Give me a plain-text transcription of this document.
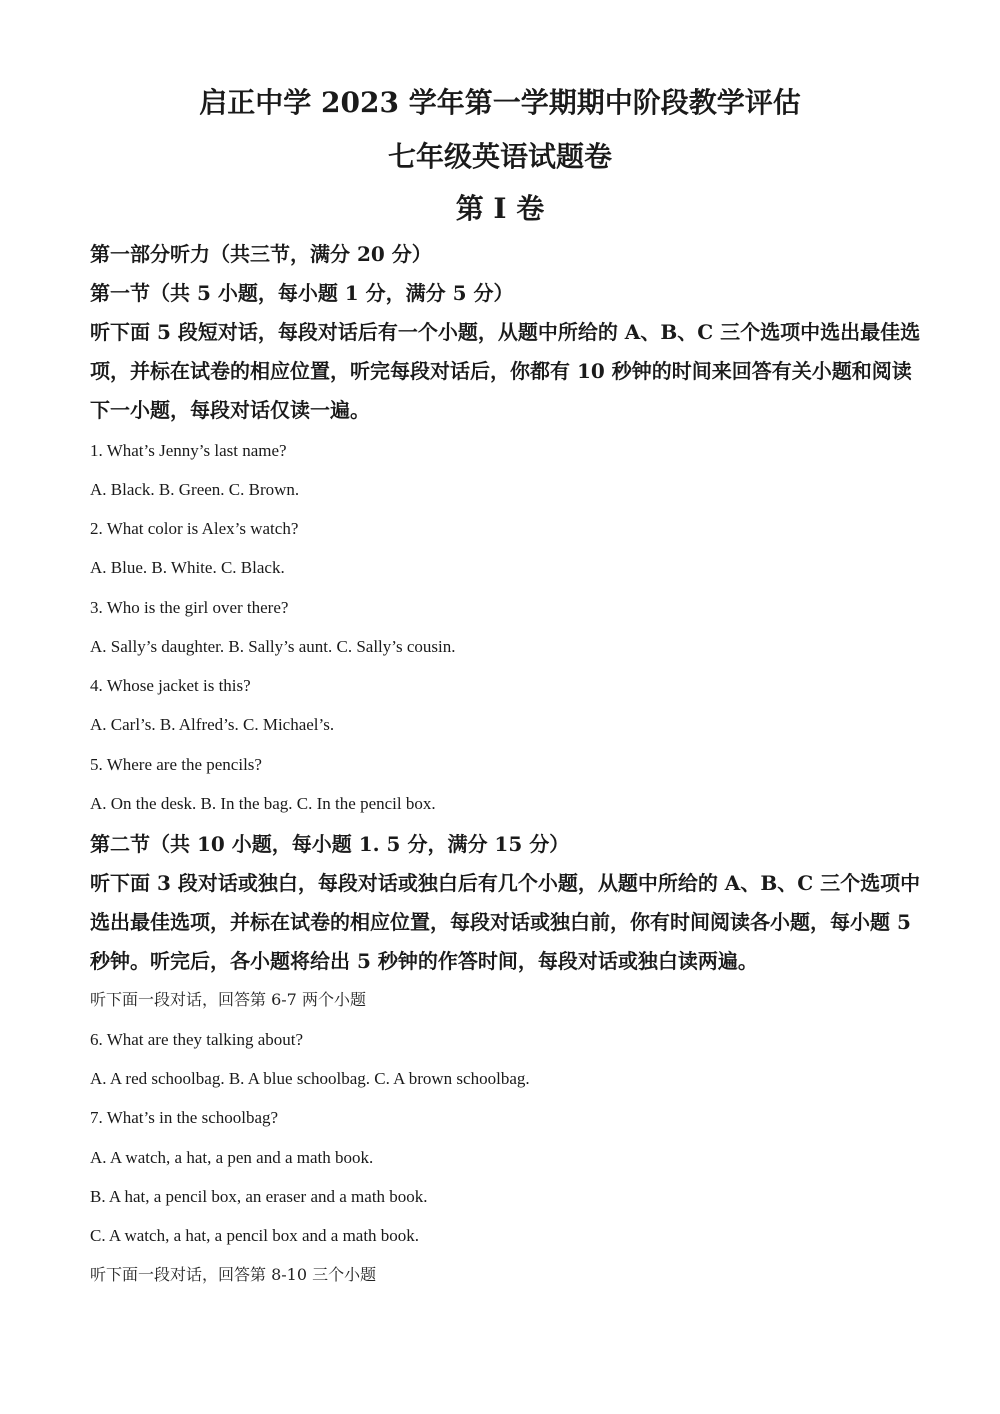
启正中学 2023 学年第一学期期中阶段教学评估
七年级英语试题卷
第 I 卷
第一部分听力（共三节，满分 20 分）
第一节（共 5 小题，每小题 1 分，满分 5 分）
听下面 5 段短对话，每段对话后有一个小题，从题中所给的 A、B、C 三个选项中选出最佳选
项，并标在试卷的相应位置，听完每段对话后，你都有 10 秒钟的时间来回答有关小题和阅读
下一小题，每段对话仅读一遍。
1. What’s Jenny’s last name?
A. Black. B. Green. C. Brown.
2. What color is Alex’s watch?
A. Blue. B. White. C. Black.
3. Who is the girl over there?
A. Sally’s daughter. B. Sally’s aunt. C. Sally’s cousin.
4. Whose jacket is this?
A. Carl’s. B. Alfred’s. C. Michael’s.
5. Where are the pencils?
A. On the desk. B. In the bag. C. In the pencil box.
第二节（共 10 小题，每小题 1. 5 分，满分 15 分）
听下面 3 段对话或独白，每段对话或独白后有几个小题，从题中所给的 A、B、C 三个选项中
选出最佳选项，并标在试卷的相应位置，每段对话或独白前，你有时间阅读各小题，每小题 5
秒钟。听完后，各小题将给出 5 秒钟的作答时间，每段对话或独白读两遍。
听下面一段对话，回答第 6-7 两个小题
6. What are they talking about?
A. A red schoolbag. B. A blue schoolbag. C. A brown schoolbag.
7. What’s in the schoolbag?
A. A watch, a hat, a pen and a math book.
B. A hat, a pencil box, an eraser and a math book.
C. A watch, a hat, a pencil box and a math book.
听下面一段对话，回答第 8-10 三个小题
